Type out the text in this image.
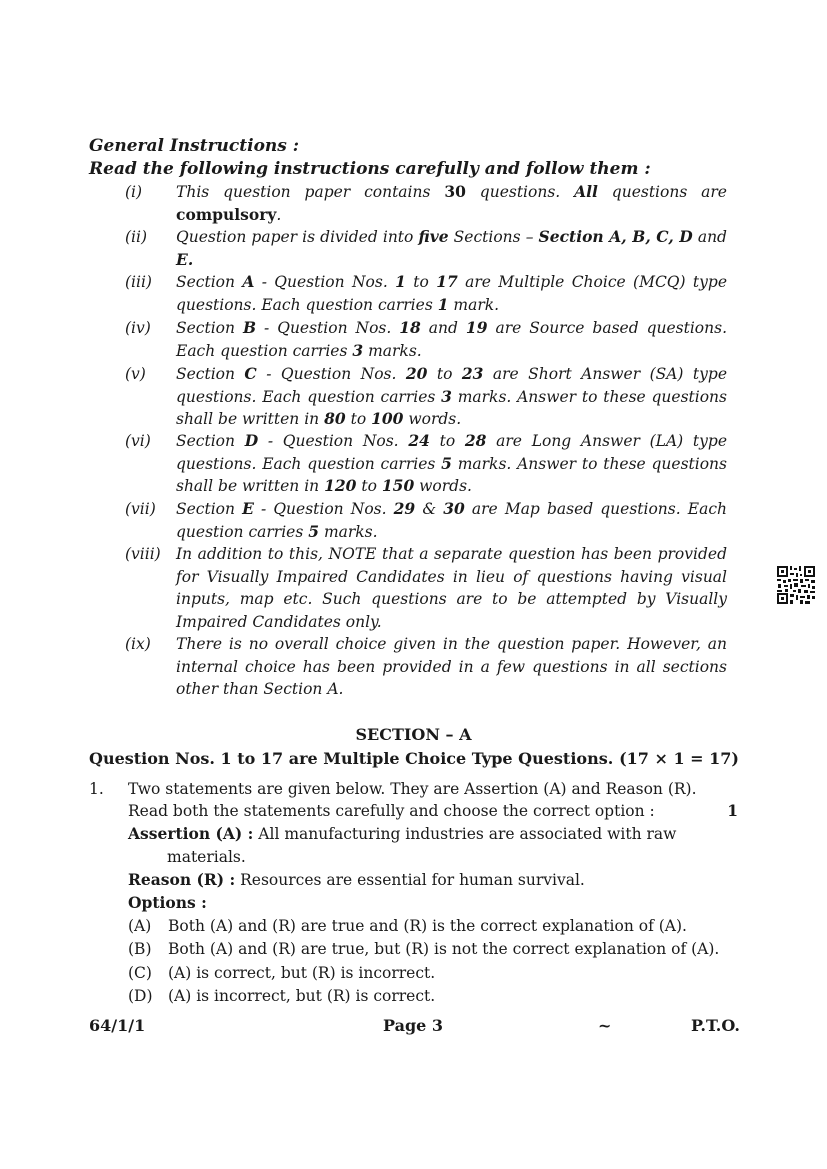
General Instructions :
Read the following instructions carefully and follow them :
(i)	This question paper contains 30 questions. All questions are
compulsory.
(ii)	Question paper is divided into five Sections – Section A, B, C, D and E.
(iii)	Section A - Question Nos. 1 to 17 are Multiple Choice (MCQ) type questions. Each question carries 1 mark.
(iv)	Section B - Question Nos. 18 and 19 are Source based questions. Each question carries 3 marks.
(v)	Section C - Question Nos. 20 to 23 are Short Answer (SA) type questions. Each question carries 3 marks. Answer to these questions shall be written in 80 to 100 words.
(vi)	Section D - Question Nos. 24 to 28 are Long Answer (LA) type questions. Each question carries 5 marks. Answer to these questions shall be written in 120 to 150 words.
(vii)	Section E - Question Nos. 29 & 30 are Map based questions. Each question carries 5 marks.
(viii) In addition to this, NOTE that a separate question has been provided for Visually Impaired Candidates in lieu of questions having visual inputs, map etc. Such questions are to be attempted by Visually Impaired Candidates only.
(ix)	There is no overall choice given in the question paper. However, an internal choice has been provided in a few questions in all sections other than Section A.
SECTION – A
Question Nos. 1 to 17 are Multiple Choice Type Questions. (17 × 1 = 17)
1. Two statements are given below. They are Assertion (A) and Reason (R).
Read both the statements carefully and choose the correct option :	1
Assertion (A) : All manufacturing industries are associated with raw
materials.
Reason (R) : Resources are essential for human survival.
Options :
(A) Both (A) and (R) are true and (R) is the correct explanation of (A).
(B) Both (A) and (R) are true, but (R) is not the correct explanation of (A).
(C) (A) is correct, but (R) is incorrect.
(D) (A) is incorrect, but (R) is correct.
64/1/1	Page 3	~	P.T.O.
